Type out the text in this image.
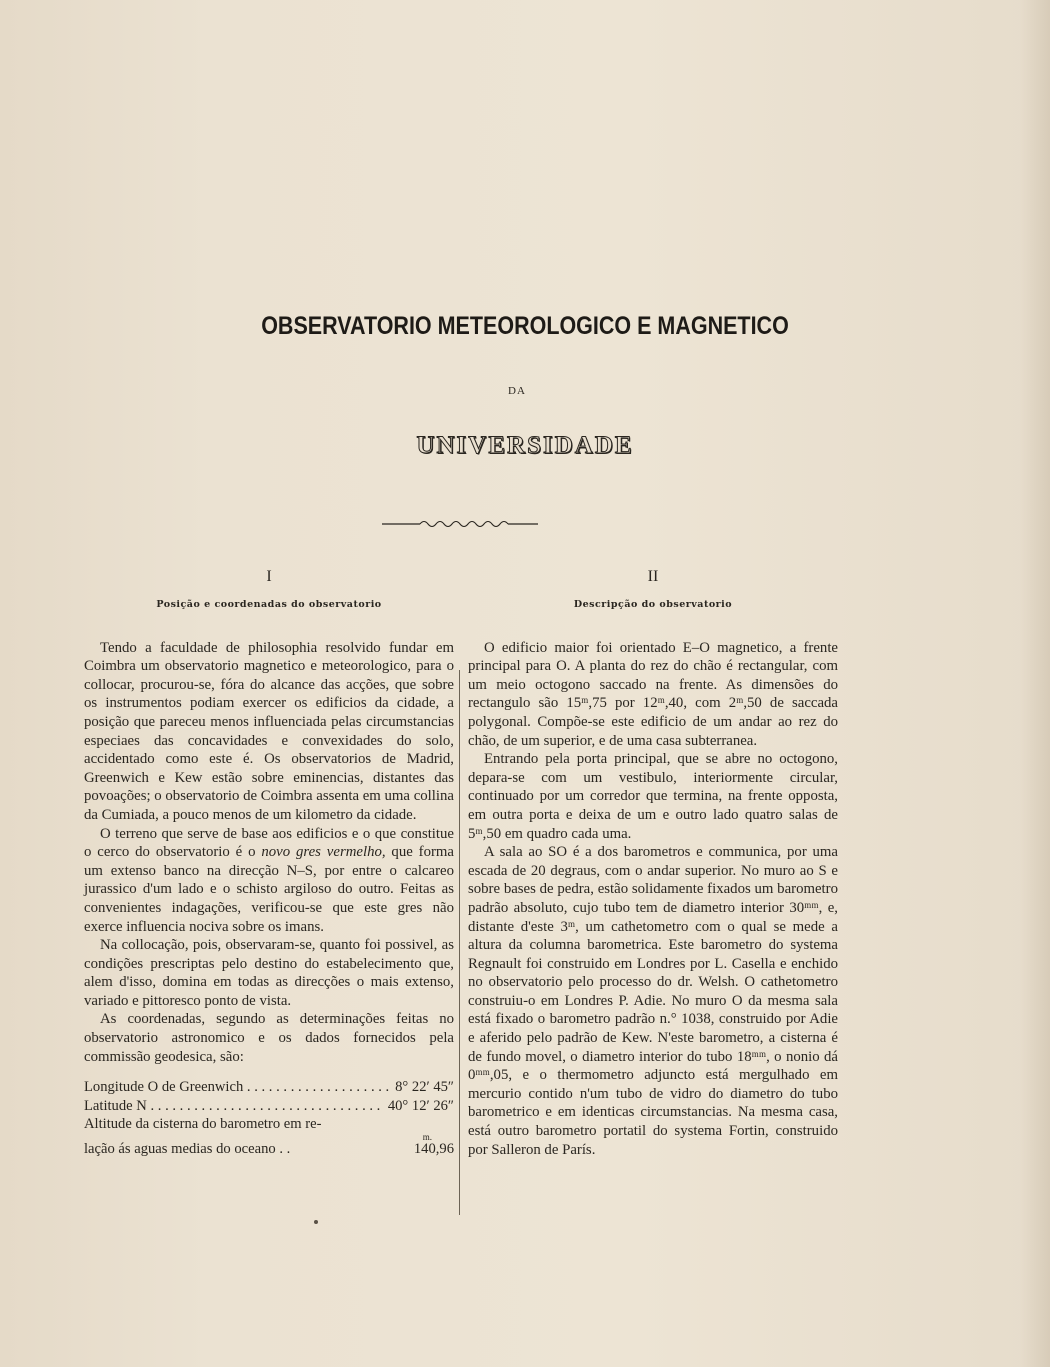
OBSERVATORIO METEOROLOGICO E MAGNETICO
DA
UNIVERSIDADE
I
Posição e coordenadas do observatorio

Tendo a faculdade de philosophia resolvido fundar em Coimbra um observatorio magnetico e meteorologico, para o collocar, procurou-se, fóra do alcance das acções, que sobre os instrumentos podiam exercer os edificios da cidade, a posição que pareceu menos influenciada pelas circumstancias especiaes das concavidades e convexidades do solo, accidentado como este é. Os observatorios de Madrid, Greenwich e Kew estão sobre eminencias, distantes das povoações; o observatorio de Coimbra assenta em uma collina da Cumiada, a pouco menos de um kilometro da cidade.

O terreno que serve de base aos edificios e o que constitue o cerco do observatorio é o novo gres vermelho, que forma um extenso banco na direcção N–S, por entre o calcareo jurassico d'um lado e o schisto argiloso do outro. Feitas as convenientes indagações, verificou-se que este gres não exerce influencia nociva sobre os imans.

Na collocação, pois, observaram-se, quanto foi possivel, as condições prescriptas pelo destino do estabelecimento que, alem d'isso, domina em todas as direcções o mais extenso, variado e pittoresco ponto de vista.

As coordenadas, segundo as determinações feitas no observatorio astronomico e os dados fornecidos pela commissão geodesica, são:

Longitude O de Greenwich . . .	8° 22′ 45″
Latitude N . . .	40° 12′ 26″
Altitude da cisterna do barometro em re-
m.
lação ás aguas medias do oceano . .	140,96
II
Descripção do observatorio

O edificio maior foi orientado E–O magnetico, a frente principal para O. A planta do rez do chão é rectangular, com um meio octogono saccado na frente. As dimensões do rectangulo são 15ᵐ,75 por 12ᵐ,40, com 2ᵐ,50 de saccada polygonal. Compõe-se este edificio de um andar ao rez do chão, de um superior, e de uma casa subterranea.

Entrando pela porta principal, que se abre no octogono, depara-se com um vestibulo, interiormente circular, continuado por um corredor que termina, na frente opposta, em outra porta e deixa de um e outro lado quatro salas de 5ᵐ,50 em quadro cada uma.

A sala ao SO é a dos barometros e communica, por uma escada de 20 degraus, com o andar superior. No muro ao S e sobre bases de pedra, estão solidamente fixados um barometro padrão absoluto, cujo tubo tem de diametro interior 30ᵐᵐ, e, distante d'este 3ᵐ, um cathetometro com o qual se mede a altura da columna barometrica. Este barometro do systema Regnault foi construido em Londres por L. Casella e enchido no observatorio pelo processo do dr. Welsh. O cathetometro construiu-o em Londres P. Adie. No muro O da mesma sala está fixado o barometro padrão n.° 1038, construido por Adie e aferido pelo padrão de Kew. N'este barometro, a cisterna é de fundo movel, o diametro interior do tubo 18ᵐᵐ, o nonio dá 0ᵐᵐ,05, e o thermometro adjuncto está mergulhado em mercurio contido n'um tubo de vidro do diametro do tubo barometrico e em identicas circumstancias. Na mesma casa, está outro barometro portatil do systema Fortin, construido por Salleron de París.
